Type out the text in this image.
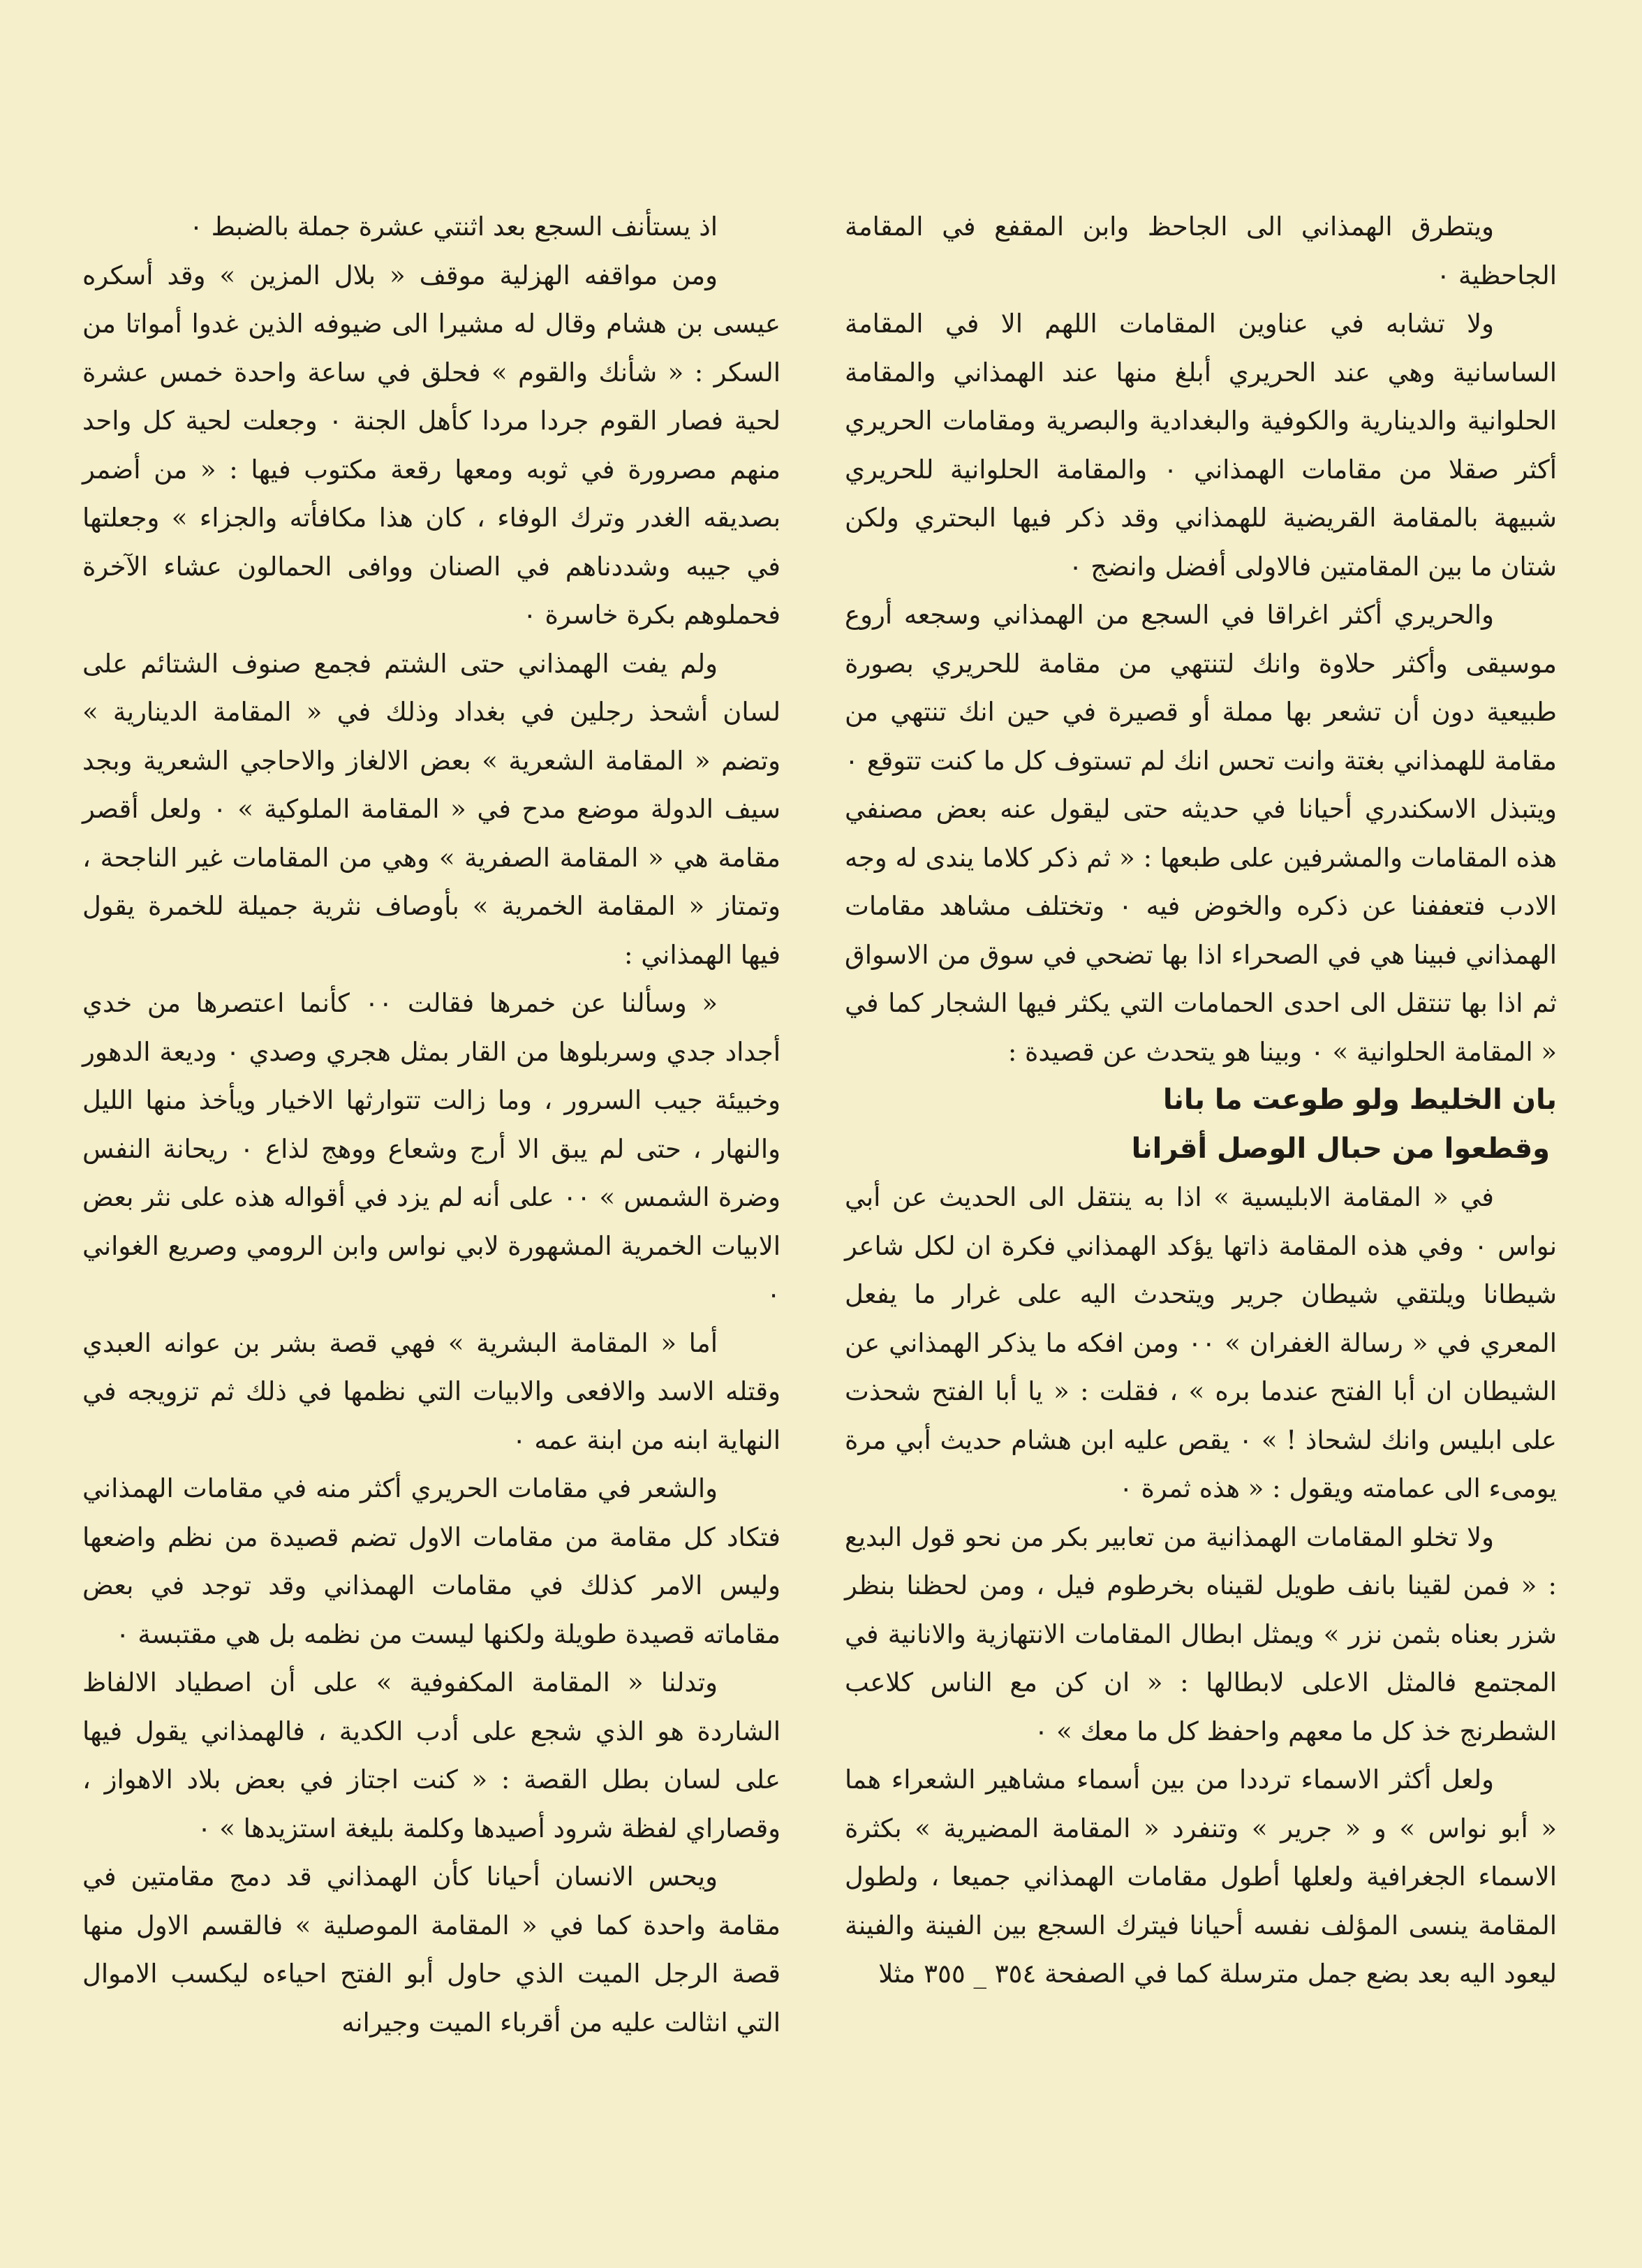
ويتطرق الهمذاني الى الجاحظ وابن المقفع في المقامة الجاحظية ٠

ولا تشابه في عناوين المقامات اللهم الا في المقامة الساسانية وهي عند الحريري أبلغ منها عند الهمذاني والمقامة الحلوانية والدينارية والكوفية والبغدادية والبصرية ومقامات الحريري أكثر صقلا من مقامات الهمذاني ٠ والمقامة الحلوانية للحريري شبيهة بالمقامة القريضية للهمذاني وقد ذكر فيها البحتري ولكن شتان ما بين المقامتين فالاولى أفضل وانضج ٠

والحريري أكثر اغراقا في السجع من الهمذاني وسجعه أروع موسيقى وأكثر حلاوة وانك لتنتهي من مقامة للحريري بصورة طبيعية دون أن تشعر بها مملة أو قصيرة في حين انك تنتهي من مقامة للهمذاني بغتة وانت تحس انك لم تستوف كل ما كنت تتوقع ٠ ويتبذل الاسكندري أحيانا في حديثه حتى ليقول عنه بعض مصنفي هذه المقامات والمشرفين على طبعها : « ثم ذكر كلاما يندى له وجه الادب فتعففنا عن ذكره والخوض فيه ٠ وتختلف مشاهد مقامات الهمذاني فبينا هي في الصحراء اذا بها تضحي في سوق من الاسواق ثم اذا بها تنتقل الى احدى الحمامات التي يكثر فيها الشجار كما في « المقامة الحلوانية » ٠ وبينا هو يتحدث عن قصيدة :

بان الخليط ولو طوعت ما بانا

وقطعوا من حبال الوصل أقرانا

في « المقامة الابليسية » اذا به ينتقل الى الحديث عن أبي نواس ٠ وفي هذه المقامة ذاتها يؤكد الهمذاني فكرة ان لكل شاعر شيطانا ويلتقي شيطان جرير ويتحدث اليه على غرار ما يفعل المعري في « رسالة الغفران » ٠٠ ومن افكه ما يذكر الهمذاني عن الشيطان ان أبا الفتح عندما بره » ، فقلت : « يا أبا الفتح شحذت على ابليس وانك لشحاذ ! » ٠ يقص عليه ابن هشام حديث أبي مرة يومىء الى عمامته ويقول : « هذه ثمرة ٠

ولا تخلو المقامات الهمذانية من تعابير بكر من نحو قول البديع : « فمن لقينا بانف طويل لقيناه بخرطوم فيل ، ومن لحظنا بنظر شزر بعناه بثمن نزر » ويمثل ابطال المقامات الانتهازية والانانية في المجتمع فالمثل الاعلى لابطالها : « ان كن مع الناس كلاعب الشطرنج خذ كل ما معهم واحفظ كل ما معك » ٠

ولعل أكثر الاسماء ترددا من بين أسماء مشاهير الشعراء هما « أبو نواس » و « جرير » وتنفرد « المقامة المضيرية » بكثرة الاسماء الجغرافية ولعلها أطول مقامات الهمذاني جميعا ، ولطول المقامة ينسى المؤلف نفسه أحيانا فيترك السجع بين الفينة والفينة ليعود اليه بعد بضع جمل مترسلة كما في الصفحة ٣٥٤ _ ٣٥٥ مثلا

اذ يستأنف السجع بعد اثنتي عشرة جملة بالضبط ٠

ومن مواقفه الهزلية موقف « بلال المزين » وقد أسكره عيسى بن هشام وقال له مشيرا الى ضيوفه الذين غدوا أمواتا من السكر : « شأنك والقوم » فحلق في ساعة واحدة خمس عشرة لحية فصار القوم جردا مردا كأهل الجنة ٠ وجعلت لحية كل واحد منهم مصرورة في ثوبه ومعها رقعة مكتوب فيها : « من أضمر بصديقه الغدر وترك الوفاء ، كان هذا مكافأته والجزاء » وجعلتها في جيبه وشددناهم في الصنان ووافى الحمالون عشاء الآخرة فحملوهم بكرة خاسرة ٠

ولم يفت الهمذاني حتى الشتم فجمع صنوف الشتائم على لسان أشحذ رجلين في بغداد وذلك في « المقامة الدينارية » وتضم « المقامة الشعرية » بعض الالغاز والاحاجي الشعرية وبجد سيف الدولة موضع مدح في « المقامة الملوكية » ٠ ولعل أقصر مقامة هي « المقامة الصفرية » وهي من المقامات غير الناجحة ، وتمتاز « المقامة الخمرية » بأوصاف نثرية جميلة للخمرة يقول فيها الهمذاني :

« وسألنا عن خمرها فقالت ٠٠ كأنما اعتصرها من خدي أجداد جدي وسربلوها من القار بمثل هجري وصدي ٠ وديعة الدهور وخبيئة جيب السرور ، وما زالت تتوارثها الاخيار ويأخذ منها الليل والنهار ، حتى لم يبق الا أرج وشعاع ووهج لذاع ٠ ريحانة النفس وضرة الشمس » ٠٠ على أنه لم يزد في أقواله هذه على نثر بعض الابيات الخمرية المشهورة لابي نواس وابن الرومي وصريع الغواني ٠

أما « المقامة البشرية » فهي قصة بشر بن عوانه العبدي وقتله الاسد والافعى والابيات التي نظمها في ذلك ثم تزويجه في النهاية ابنه من ابنة عمه ٠

والشعر في مقامات الحريري أكثر منه في مقامات الهمذاني فتكاد كل مقامة من مقامات الاول تضم قصيدة من نظم واضعها وليس الامر كذلك في مقامات الهمذاني وقد توجد في بعض مقاماته قصيدة طويلة ولكنها ليست من نظمه بل هي مقتبسة ٠

وتدلنا « المقامة المكفوفية » على أن اصطياد الالفاظ الشاردة هو الذي شجع على أدب الكدية ، فالهمذاني يقول فيها على لسان بطل القصة : « كنت اجتاز في بعض بلاد الاهواز ، وقصاراي لفظة شرود أصيدها وكلمة بليغة استزيدها » ٠

ويحس الانسان أحيانا كأن الهمذاني قد دمج مقامتين في مقامة واحدة كما في « المقامة الموصلية » فالقسم الاول منها قصة الرجل الميت الذي حاول أبو الفتح احياءه ليكسب الاموال التي انثالت عليه من أقرباء الميت وجيرانه
